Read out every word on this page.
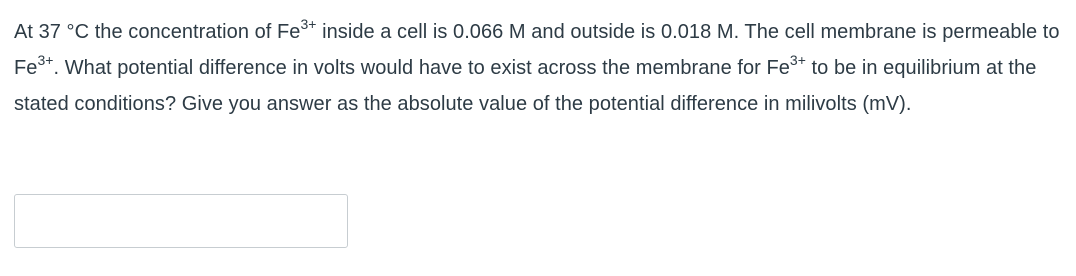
At 37 °C the concentration of $Fe^{3+}$ inside a cell is 0.066 M and outside is 0.018 M. The cell membrane is permeable to $Fe^{3+}$. What potential difference in volts would have to exist across the membrane for $Fe^{3+}$ to be in equilibrium at the stated conditions? Give you answer as the absolute value of the potential difference in milivolts (mV).
